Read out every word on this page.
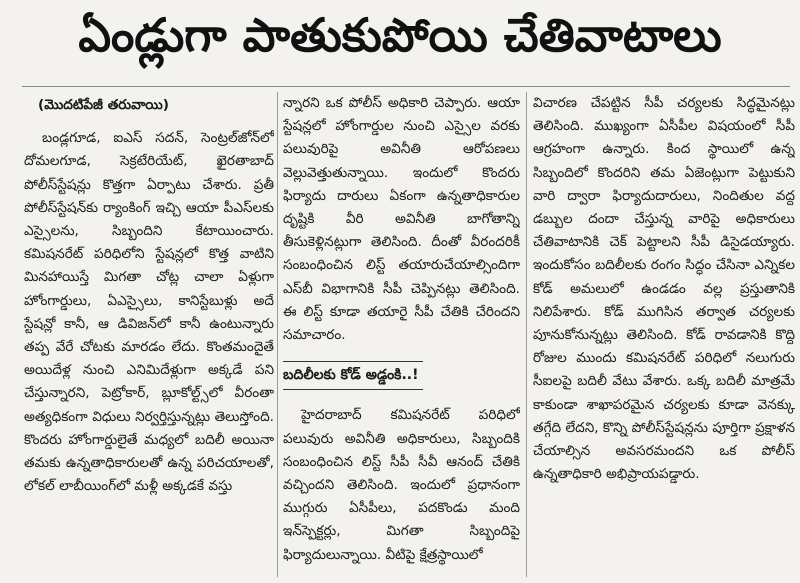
ఏండ్లుగా పాతుకుపోయి చేతివాటాలు

(మొదటిపేజీ తరువాయి)

బండ్లగూడ, ఐఎస్ సదన్, సెంట్రల్‌జోన్‌లో దోమలగూడ, సెక్రటేరియేట్, ఖైరతాబాద్ పోలీస్‌స్టేషన్లు కొత్తగా ఏర్పాటు చేశారు. ప్రతీ పోలీస్‌స్టేషన్‌కు ర్యాంకింగ్ ఇచ్చి ఆయా పీఎస్‌లకు ఎస్సైలను, సిబ్బందిని కేటాయించారు. కమిషనరేట్ పరిధిలోని స్టేషన్లలో కొత్త వాటిని మినహాయిస్తే మిగతా చోట్ల చాలా ఏళ్లుగా హోంగార్డులు, ఏఎస్సైలు, కానిస్టేబుళ్లు అదే స్టేషన్లో కానీ, ఆ డివిజన్‌లో కానీ ఉంటున్నారు తప్ప వేరే చోటకు మారడం లేదు. కొంతమందైతే అయిదేళ్ల నుంచి ఎనిమిదేళ్లుగా అక్కడే పని చేస్తున్నారని, పెట్రోకార్, బ్లూకోల్ట్స్‌లో వీరంతా అత్యధికంగా విధులు నిర్వర్తిస్తున్నట్లు తెలుస్తోంది. కొందరు హోంగార్డులైతే మధ్యలో బదిలీ అయినా తమకు ఉన్నతాధికారులతో ఉన్న పరిచయాలతో, లోకల్ లాబీయింగ్‌లో మళ్లీ అక్కడకే వస్తు

న్నారని ఒక పోలీస్ అధికారి చెప్పారు. ఆయా స్టేషన్లలో హోంగార్డుల నుంచి ఎస్సైల వరకు పలువురిపై అవినీతి ఆరోపణలు వెల్లువెత్తుతున్నాయి. ఇందులో కొందరు ఫిర్యాదు దారులు ఏకంగా ఉన్నతాధికారుల దృష్టికి వీరి అవినీతి బాగోతాన్ని తీసుకెళ్లినట్లుగా తెలిసింది. దీంతో వీరందరికీ సంబంధించిన లిస్ట్ తయారుచేయాల్సిందిగా ఎస్‌బీ విభాగానికి సీపీ చెప్పినట్లు తెలిసింది. ఈ లిస్ట్ కూడా తయారై సీపీ చేతికి చేరిందని సమాచారం.

బదిలీలకు కోడ్ అడ్డంకి..!

హైదరాబాద్ కమిషనరేట్ పరిధిలో పలువురు అవినీతి అధికారులు, సిబ్బందికి సంబంధించిన లిస్ట్ సీపీ సీవీ ఆనంద్ చేతికి వచ్చిందని తెలిసింది. ఇందులో ప్రధానంగా ముగ్గురు ఏసీపీలు, పదకొండు మంది ఇన్‌స్పెక్టర్లు, మిగతా సిబ్బందిపై ఫిర్యాదులున్నాయి. వీటిపై క్షేత్రస్థాయిలో

విచారణ చేపట్టిన సీపీ చర్యలకు సిద్ధమైనట్లు తెలిసింది. ముఖ్యంగా ఏసీపీల విషయంలో సీపీ ఆగ్రహంగా ఉన్నారు. కింద స్థాయిలో ఉన్న సిబ్బందిలో కొందరిని తమ ఏజెంట్లుగా పెట్టుకుని వారి ద్వారా ఫిర్యాదుదారులు, నిందితుల వద్ద డబ్బుల దందా చేస్తున్న వారిపై అధికారులు చేతివాటానికి చెక్ పెట్టాలని సీపీ డిసైడయ్యారు. ఇందుకోసం బదిలీలకు రంగం సిద్ధం చేసినా ఎన్నికల కోడ్ అమలులో ఉండడం వల్ల ప్రస్తుతానికి నిలిపేశారు. కోడ్ ముగిసిన తర్వాత చర్యలకు పూనుకోనున్నట్లు తెలిసింది. కోడ్ రావడానికి కొద్ది రోజుల ముందు కమిషనరేట్ పరిధిలో నలుగురు సీఐలపై బదిలీ వేటు వేశారు. ఒక్క బదిలీ మాత్రమే కాకుండా శాఖాపరమైన చర్యలకు కూడా వెనక్కు తగ్గేది లేదని, కొన్ని పోలీస్‌స్టేషన్లను పూర్తిగా ప్రక్షాళన చేయాల్సిన అవసరమందని ఒక పోలీస్ ఉన్నతాధికారి అభిప్రాయపడ్డారు.
